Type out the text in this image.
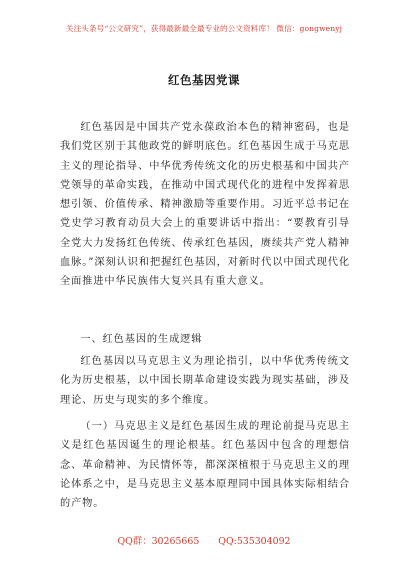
关注头条号“公文研究”，获得最新最全最专业的公文资料库！ 微信：gongwenyj
红色基因党课

红色基因是中国共产党永葆政治本色的精神密码，也是我们党区别于其他政党的鲜明底色。红色基因生成于马克思主义的理论指导、中华优秀传统文化的历史根基和中国共产党领导的革命实践，在推动中国式现代化的进程中发挥着思想引领、价值传承、精神激励等重要作用。习近平总书记在党史学习教育动员大会上的重要讲话中指出：“要教育引导全党大力发扬红色传统、传承红色基因，赓续共产党人精神血脉。”深刻认识和把握红色基因，对新时代以中国式现代化全面推进中华民族伟大复兴具有重大意义。

一、红色基因的生成逻辑

红色基因以马克思主义为理论指引，以中华优秀传统文化为历史根基，以中国长期革命建设实践为现实基础，涉及理论、历史与现实的多个维度。

（一）马克思主义是红色基因生成的理论前提马克思主义是红色基因诞生的理论根基。红色基因中包含的理想信念、革命精神、为民情怀等，都深深植根于马克思主义的理论体系之中，是马克思主义基本原理同中国具体实际相结合的产物。

QQ群：30265665 QQ:535304092
